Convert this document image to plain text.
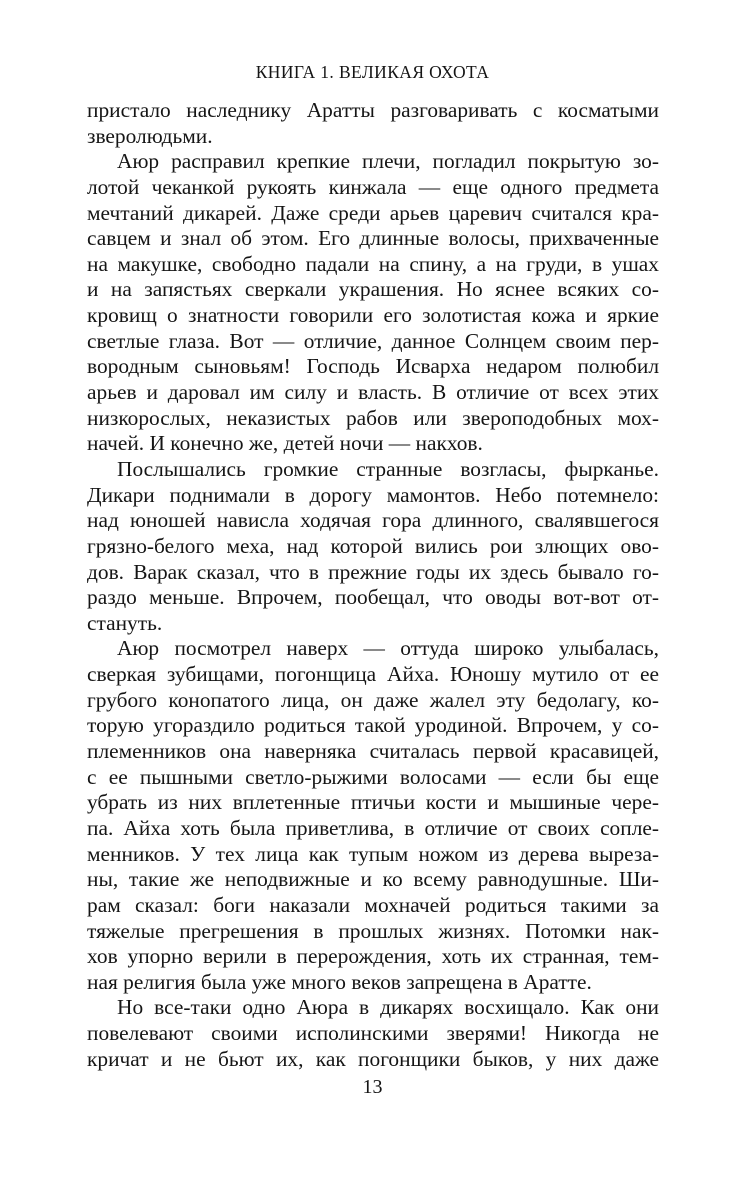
КНИГА 1. ВЕЛИКАЯ ОХОТА
пристало наследнику Аратты разговаривать с косматыми
зверолюдьми.
Аюр расправил крепкие плечи, погладил покрытую зо-
лотой чеканкой рукоять кинжала — еще одного предмета
мечтаний дикарей. Даже среди арьев царевич считался кра-
савцем и знал об этом. Его длинные волосы, прихваченные
на макушке, свободно падали на спину, а на груди, в ушах
и на запястьях сверкали украшения. Но яснее всяких со-
кровищ о знатности говорили его золотистая кожа и яркие
светлые глаза. Вот — отличие, данное Солнцем своим пер-
вородным сыновьям! Господь Исварха недаром полюбил
арьев и даровал им силу и власть. В отличие от всех этих
низкорослых, неказистых рабов или звероподобных мох-
начей. И конечно же, детей ночи — накхов.
Послышались громкие странные возгласы, фырканье.
Дикари поднимали в дорогу мамонтов. Небо потемнело:
над юношей нависла ходячая гора длинного, свалявшегося
грязно-белого меха, над которой вились рои злющих ово-
дов. Варак сказал, что в прежние годы их здесь бывало го-
раздо меньше. Впрочем, пообещал, что оводы вот-вот от-
стануть.
Аюр посмотрел наверх — оттуда широко улыбалась,
сверкая зубищами, погонщица Айха. Юношу мутило от ее
грубого конопатого лица, он даже жалел эту бедолагу, ко-
торую угораздило родиться такой уродиной. Впрочем, у со-
племенников она наверняка считалась первой красавицей,
с ее пышными светло-рыжими волосами — если бы еще
убрать из них вплетенные птичьи кости и мышиные чере-
па. Айха хоть была приветлива, в отличие от своих сопле-
менников. У тех лица как тупым ножом из дерева выреза-
ны, такие же неподвижные и ко всему равнодушные. Ши-
рам сказал: боги наказали мохначей родиться такими за
тяжелые прегрешения в прошлых жизнях. Потомки нак-
хов упорно верили в перерождения, хоть их странная, тем-
ная религия была уже много веков запрещена в Аратте.
Но все-таки одно Аюра в дикарях восхищало. Как они
повелевают своими исполинскими зверями! Никогда не
кричат и не бьют их, как погонщики быков, у них даже
13
